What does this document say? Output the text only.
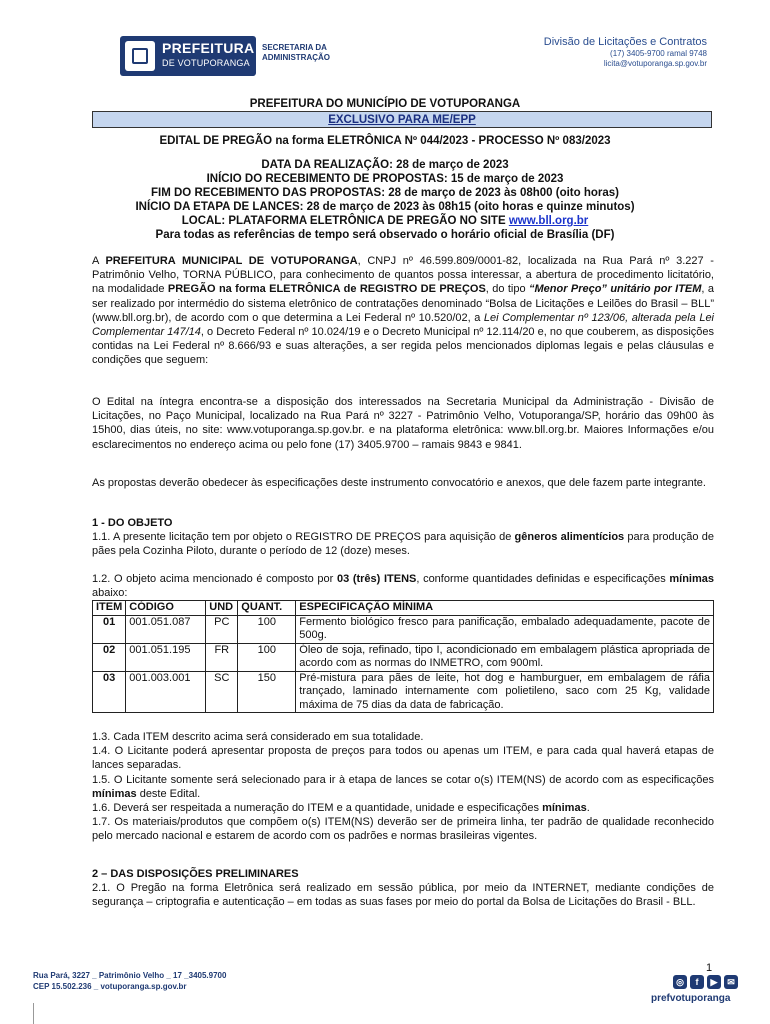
PREFEITURA
DE VOTUPORANGA
SECRETARIA DA ADMINISTRAÇÃO
Divisão de Licitações e Contratos
(17) 3405-9700 ramal 9748
licita@votuporanga.sp.gov.br
PREFEITURA DO MUNICÍPIO DE VOTUPORANGA
EXCLUSIVO PARA ME/EPP
EDITAL DE PREGÃO na forma ELETRÔNICA Nº 044/2023 - PROCESSO Nº 083/2023
DATA DA REALIZAÇÃO: 28 de março de 2023
INÍCIO DO RECEBIMENTO DE PROPOSTAS: 15 de março de 2023
FIM DO RECEBIMENTO DAS PROPOSTAS: 28 de março de 2023 às 08h00 (oito horas)
INÍCIO DA ETAPA DE LANCES: 28 de março de 2023 às 08h15 (oito horas e quinze minutos)
LOCAL: PLATAFORMA ELETRÔNICA DE PREGÃO NO SITE www.bll.org.br
Para todas as referências de tempo será observado o horário oficial de Brasília (DF)
A PREFEITURA MUNICIPAL DE VOTUPORANGA, CNPJ nº 46.599.809/0001-82, localizada na Rua Pará nº 3.227 - Patrimônio Velho, TORNA PÚBLICO, para conhecimento de quantos possa interessar, a abertura de procedimento licitatório, na modalidade PREGÃO na forma ELETRÔNICA de REGISTRO DE PREÇOS, do tipo “Menor Preço” unitário por ITEM, a ser realizado por intermédio do sistema eletrônico de contratações denominado “Bolsa de Licitações e Leilões do Brasil – BLL” (www.bll.org.br), de acordo com o que determina a Lei Federal nº 10.520/02, a Lei Complementar nº 123/06, alterada pela Lei Complementar 147/14, o Decreto Federal nº 10.024/19 e o Decreto Municipal nº 12.114/20 e, no que couberem, as disposições contidas na Lei Federal nº 8.666/93 e suas alterações, a ser regida pelos mencionados diplomas legais e pelas cláusulas e condições que seguem:
O Edital na íntegra encontra-se a disposição dos interessados na Secretaria Municipal da Administração - Divisão de Licitações, no Paço Municipal, localizado na Rua Pará nº 3227 - Patrimônio Velho, Votuporanga/SP, horário das 09h00 às 15h00, dias úteis, no site: www.votuporanga.sp.gov.br. e na plataforma eletrônica: www.bll.org.br. Maiores Informações e/ou esclarecimentos no endereço acima ou pelo fone (17) 3405.9700 – ramais 9843 e 9841.
As propostas deverão obedecer às especificações deste instrumento convocatório e anexos, que dele fazem parte integrante.
1 - DO OBJETO
1.1. A presente licitação tem por objeto o REGISTRO DE PREÇOS para aquisição de gêneros alimentícios para produção de pães pela Cozinha Piloto, durante o período de 12 (doze) meses.
1.2. O objeto acima mencionado é composto por 03 (três) ITENS, conforme quantidades definidas e especificações mínimas abaixo:
ITEM	CÓDIGO	UND	QUANT.	ESPECIFICAÇÃO MÍNIMA
01	001.051.087	PC	100	Fermento biológico fresco para panificação, embalado adequadamente, pacote de 500g.
02	001.051.195	FR	100	Óleo de soja, refinado, tipo I, acondicionado em embalagem plástica apropriada de acordo com as normas do INMETRO, com 900ml.
03	001.003.001	SC	150	Pré-mistura para pães de leite, hot dog e hamburguer, em embalagem de ráfia trançado, laminado internamente com polietileno, saco com 25 Kg, validade máxima de 75 dias da data de fabricação.
1.3. Cada ITEM descrito acima será considerado em sua totalidade.
1.4. O Licitante poderá apresentar proposta de preços para todos ou apenas um ITEM, e para cada qual haverá etapas de lances separadas.
1.5. O Licitante somente será selecionado para ir à etapa de lances se cotar o(s) ITEM(NS) de acordo com as especificações mínimas deste Edital.
1.6. Deverá ser respeitada a numeração do ITEM e a quantidade, unidade e especificações mínimas.
1.7. Os materiais/produtos que compõem o(s) ITEM(NS) deverão ser de primeira linha, ter padrão de qualidade reconhecido pelo mercado nacional e estarem de acordo com os padrões e normas brasileiras vigentes.
2 – DAS DISPOSIÇÕES PRELIMINARES
2.1. O Pregão na forma Eletrônica será realizado em sessão pública, por meio da INTERNET, mediante condições de segurança – criptografia e autenticação – em todas as suas fases por meio do portal da Bolsa de Licitações do Brasil - BLL.
Rua Pará, 3227 _ Patrimônio Velho _ 17 _3405.9700
CEP 15.502.236 _ votuporanga.sp.gov.br
1
◎	f	▶	✉
prefvotuporanga
